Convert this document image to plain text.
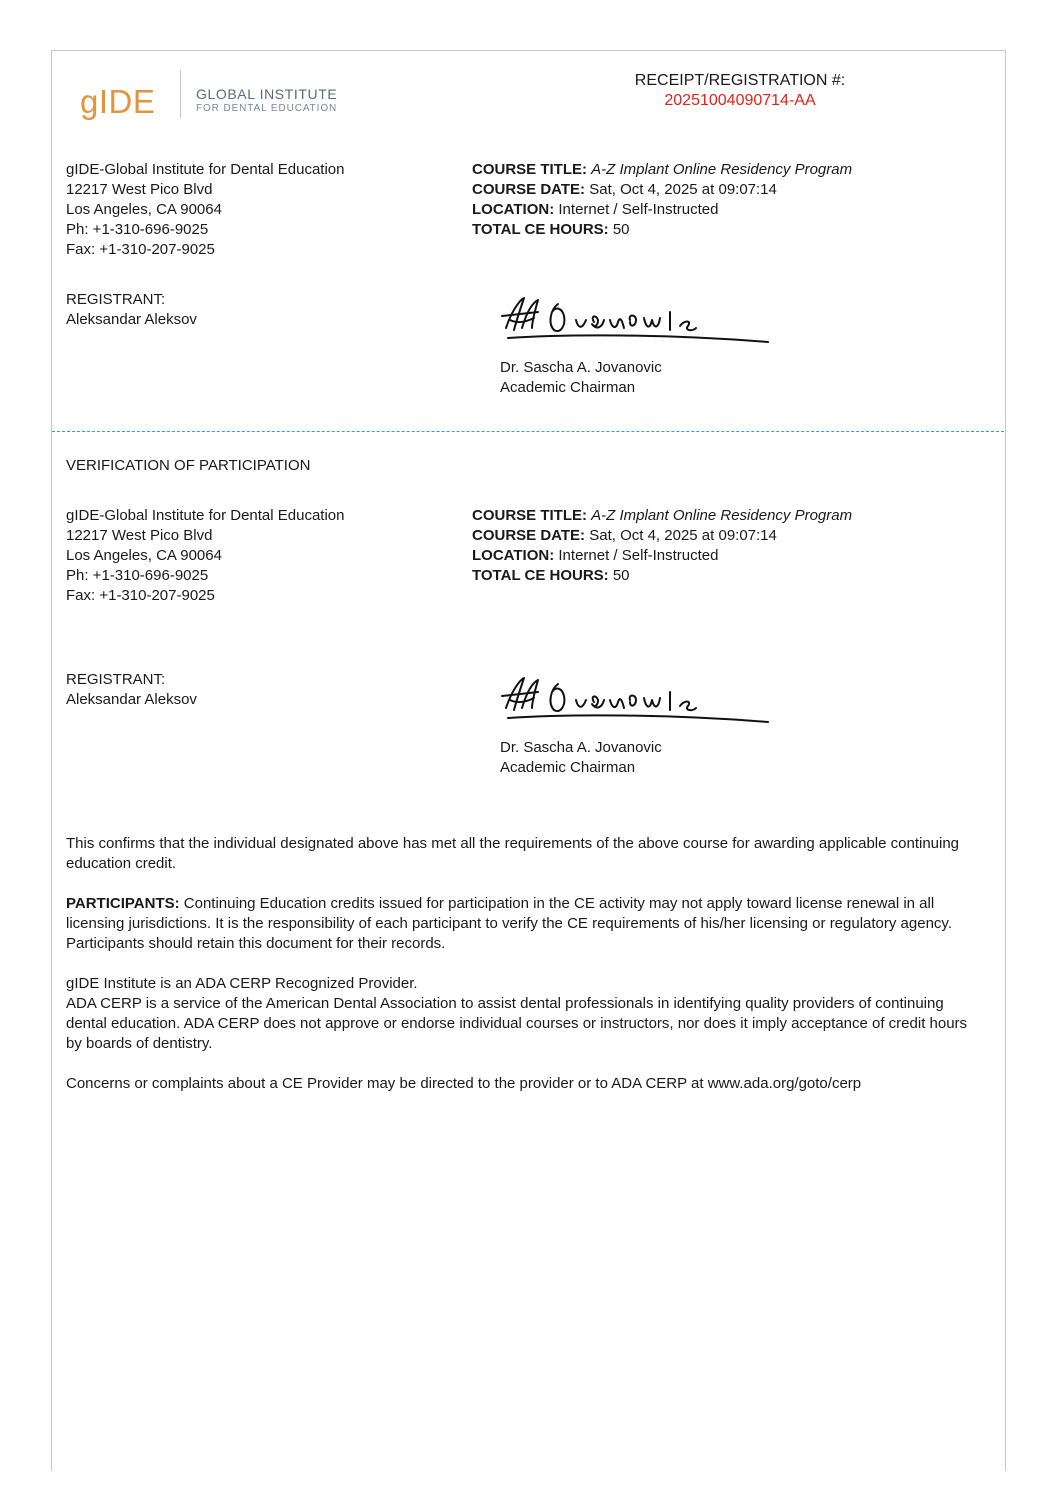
gIDE	GLOBAL INSTITUTE
FOR DENTAL EDUCATION
RECEIPT/REGISTRATION #:
20251004090714-AA
gIDE-Global Institute for Dental Education
12217 West Pico Blvd
Los Angeles, CA 90064
Ph: +1-310-696-9025
Fax: +1-310-207-9025
COURSE TITLE: A-Z Implant Online Residency Program
COURSE DATE: Sat, Oct 4, 2025 at 09:07:14
LOCATION: Internet / Self-Instructed
TOTAL CE HOURS: 50
REGISTRANT:
Aleksandar Aleksov
Dr. Sascha A. Jovanovic
Academic Chairman
VERIFICATION OF PARTICIPATION
gIDE-Global Institute for Dental Education
12217 West Pico Blvd
Los Angeles, CA 90064
Ph: +1-310-696-9025
Fax: +1-310-207-9025
COURSE TITLE: A-Z Implant Online Residency Program
COURSE DATE: Sat, Oct 4, 2025 at 09:07:14
LOCATION: Internet / Self-Instructed
TOTAL CE HOURS: 50
REGISTRANT:
Aleksandar Aleksov
Dr. Sascha A. Jovanovic
Academic Chairman
This confirms that the individual designated above has met all the requirements of the above course for awarding applicable continuing education credit.
PARTICIPANTS: Continuing Education credits issued for participation in the CE activity may not apply toward license renewal in all licensing jurisdictions. It is the responsibility of each participant to verify the CE requirements of his/her licensing or regulatory agency. Participants should retain this document for their records.
gIDE Institute is an ADA CERP Recognized Provider.
ADA CERP is a service of the American Dental Association to assist dental professionals in identifying quality providers of continuing dental education. ADA CERP does not approve or endorse individual courses or instructors, nor does it imply acceptance of credit hours by boards of dentistry.
Concerns or complaints about a CE Provider may be directed to the provider or to ADA CERP at www.ada.org/goto/cerp
